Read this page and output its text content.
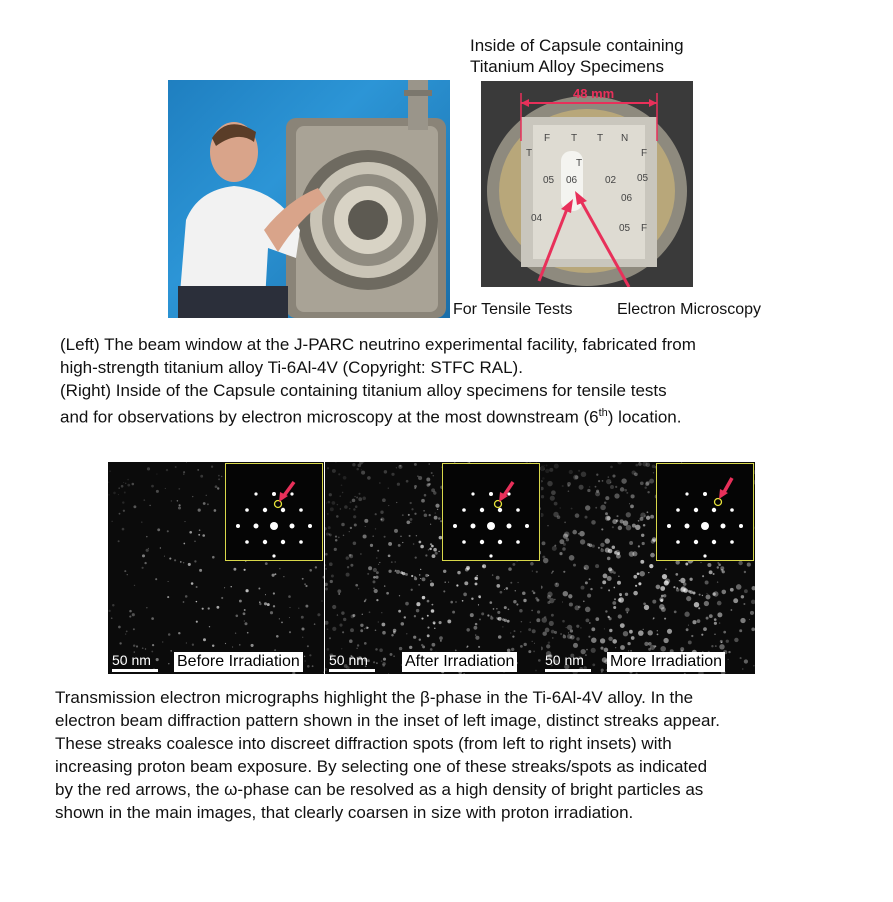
Inside of Capsule containing
Titanium Alloy Specimens
F T T N
T
05 06	02
04
05 F
T
06
05
F
48 mm
For Tensile Tests	Electron Microscopy

(Left) The beam window at the J-PARC neutrino experimental facility, fabricated from

high-strength titanium alloy Ti-6Al-4V (Copyright: STFC RAL).

(Right) Inside of the Capsule containing titanium alloy specimens for tensile tests

and for observations by electron microscopy at the most downstream (6th) location.

50 nm Before Irradiation 50 nm After Irradiation 50 nm More Irradiation
Transmission electron micrographs highlight the β-phase in the Ti-6Al-4V alloy. In the
electron beam diffraction pattern shown in the inset of left image, distinct streaks appear.
These streaks coalesce into discreet diffraction spots (from left to right insets) with
increasing proton beam exposure. By selecting one of these streaks/spots as indicated
by the red arrows, the ω-phase can be resolved as a high density of bright particles as
shown in the main images, that clearly coarsen in size with proton irradiation.
